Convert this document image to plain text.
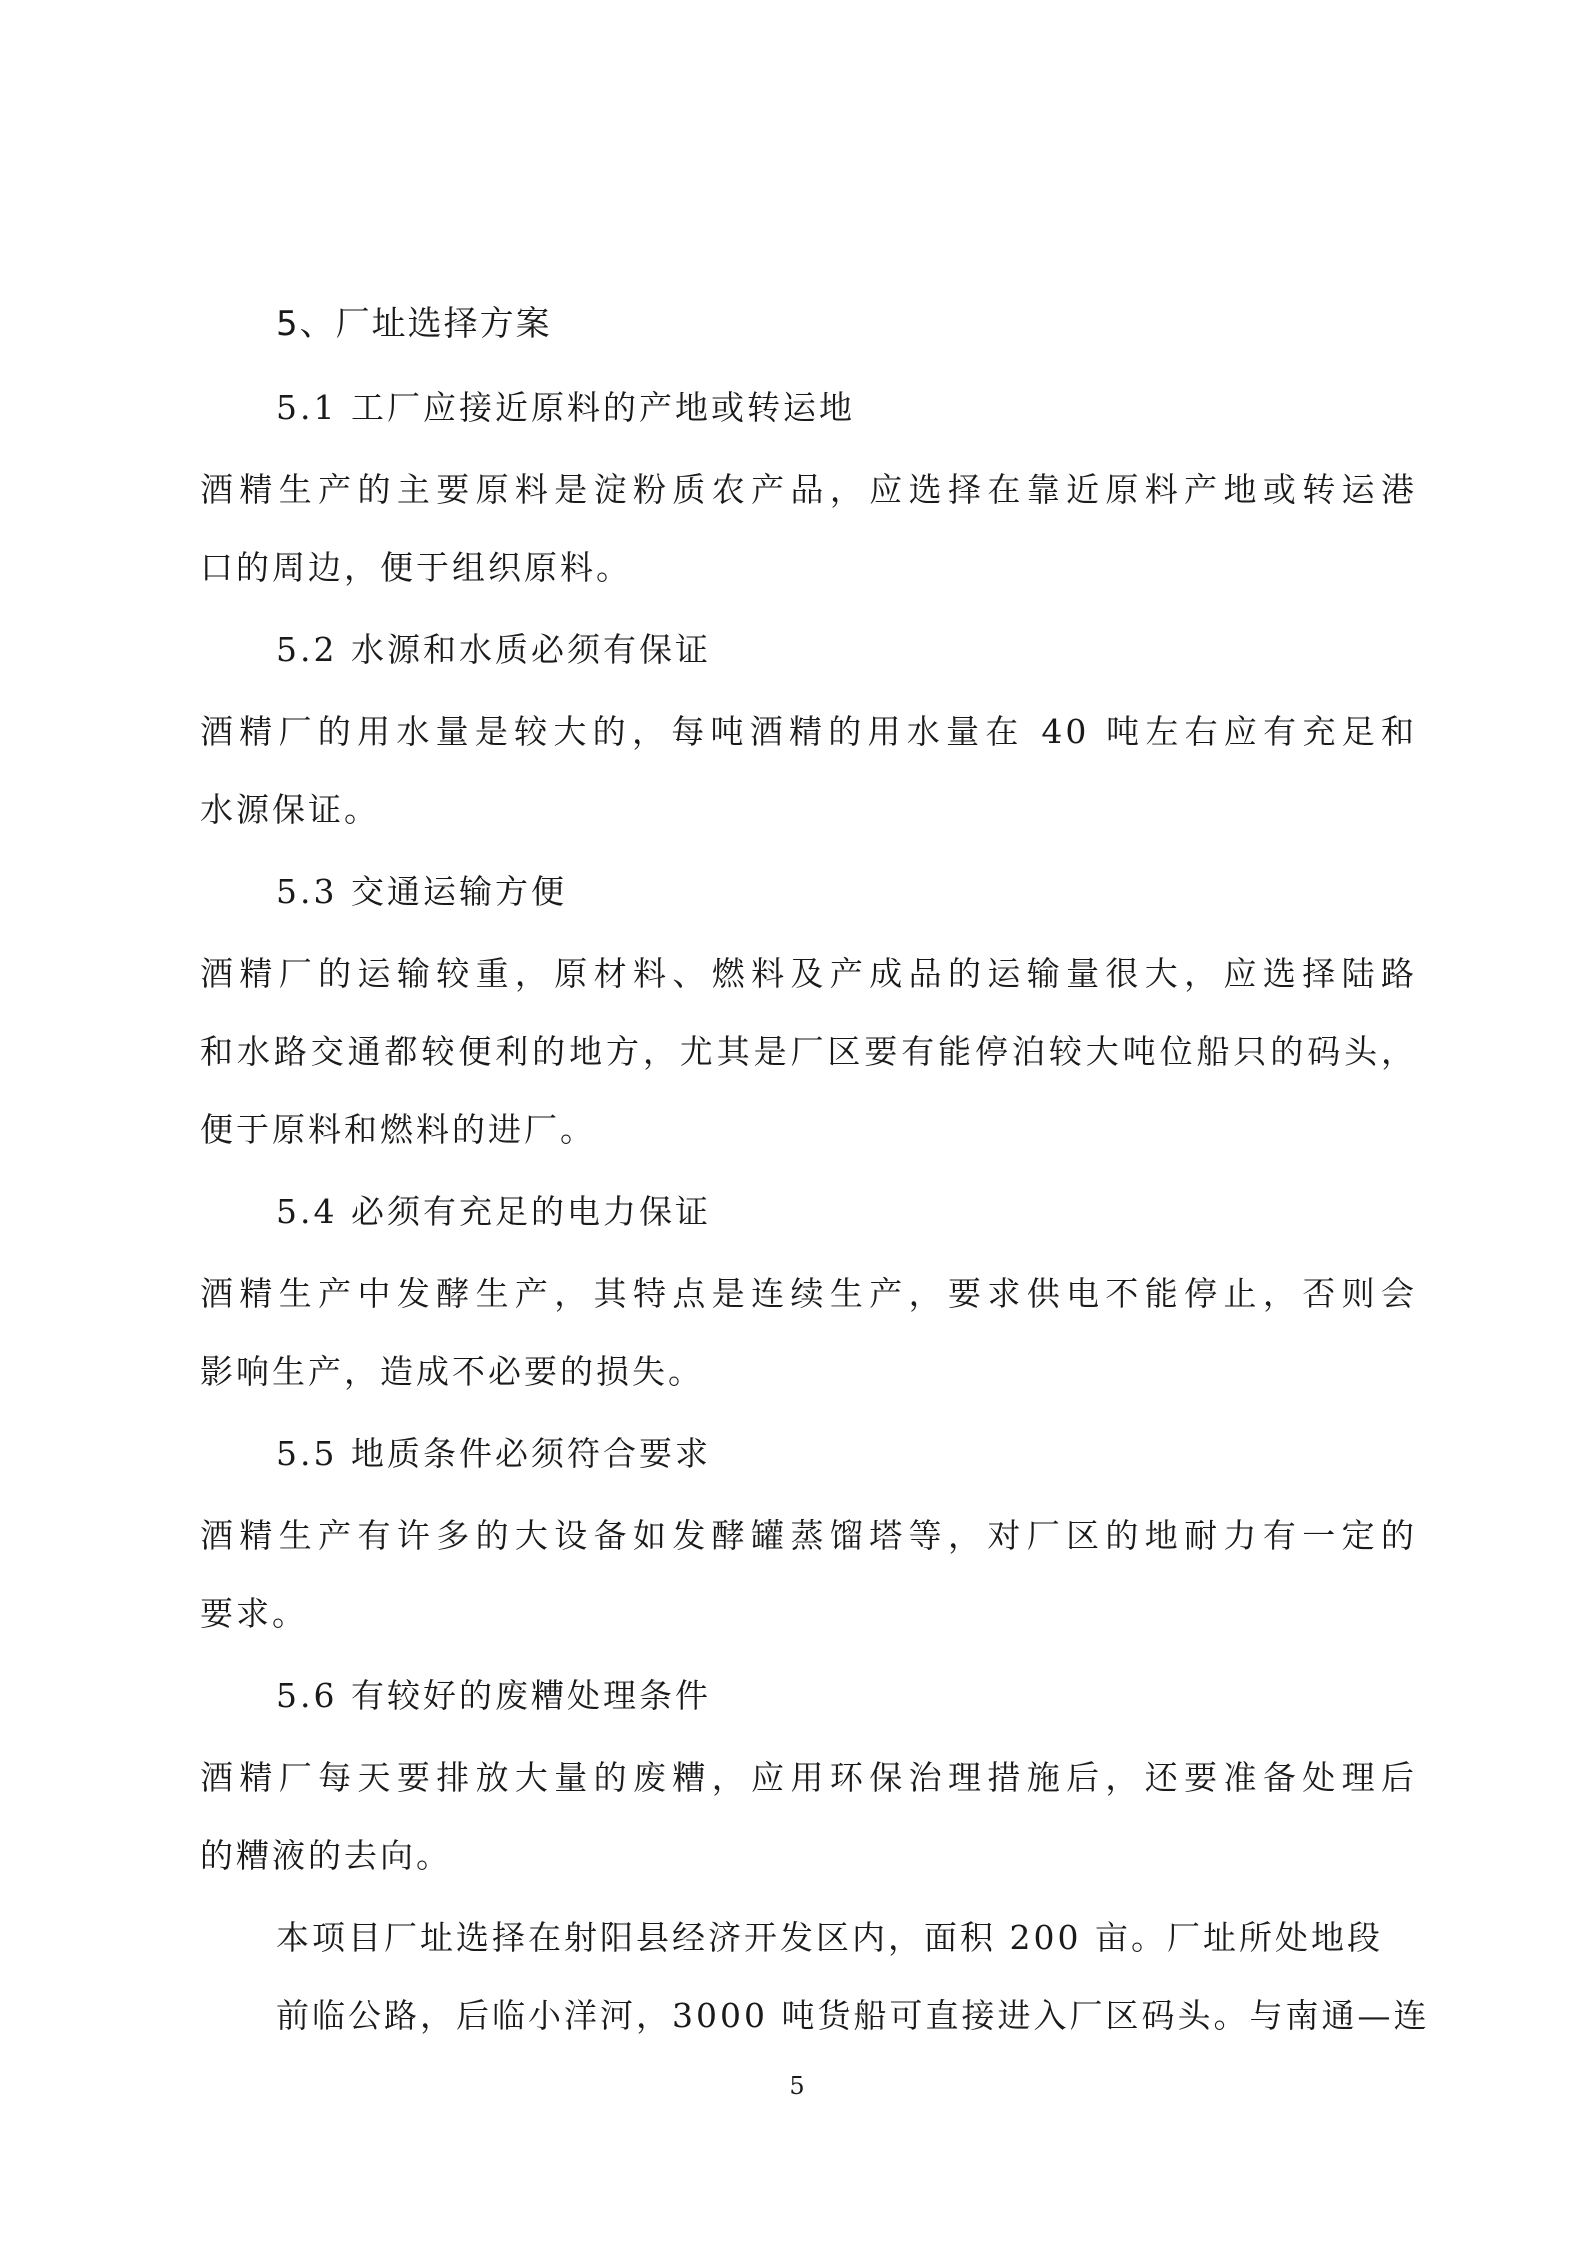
5、厂址选择方案
5.1 工厂应接近原料的产地或转运地
酒精生产的主要原料是淀粉质农产品，应选择在靠近原料产地或转运港
口的周边，便于组织原料。
5.2 水源和水质必须有保证
酒精厂的用水量是较大的，每吨酒精的用水量在 40 吨左右应有充足和
水源保证。
5.3 交通运输方便
酒精厂的运输较重，原材料、燃料及产成品的运输量很大，应选择陆路
和水路交通都较便利的地方，尤其是厂区要有能停泊较大吨位船只的码头，
便于原料和燃料的进厂。
5.4 必须有充足的电力保证
酒精生产中发酵生产，其特点是连续生产，要求供电不能停止，否则会
影响生产，造成不必要的损失。
5.5 地质条件必须符合要求
酒精生产有许多的大设备如发酵罐蒸馏塔等，对厂区的地耐力有一定的
要求。
5.6 有较好的废糟处理条件
酒精厂每天要排放大量的废糟，应用环保治理措施后，还要准备处理后
的糟液的去向。
本项目厂址选择在射阳县经济开发区内，面积 200 亩。厂址所处地段
前临公路，后临小洋河，3000 吨货船可直接进入厂区码头。与南通—连
5
